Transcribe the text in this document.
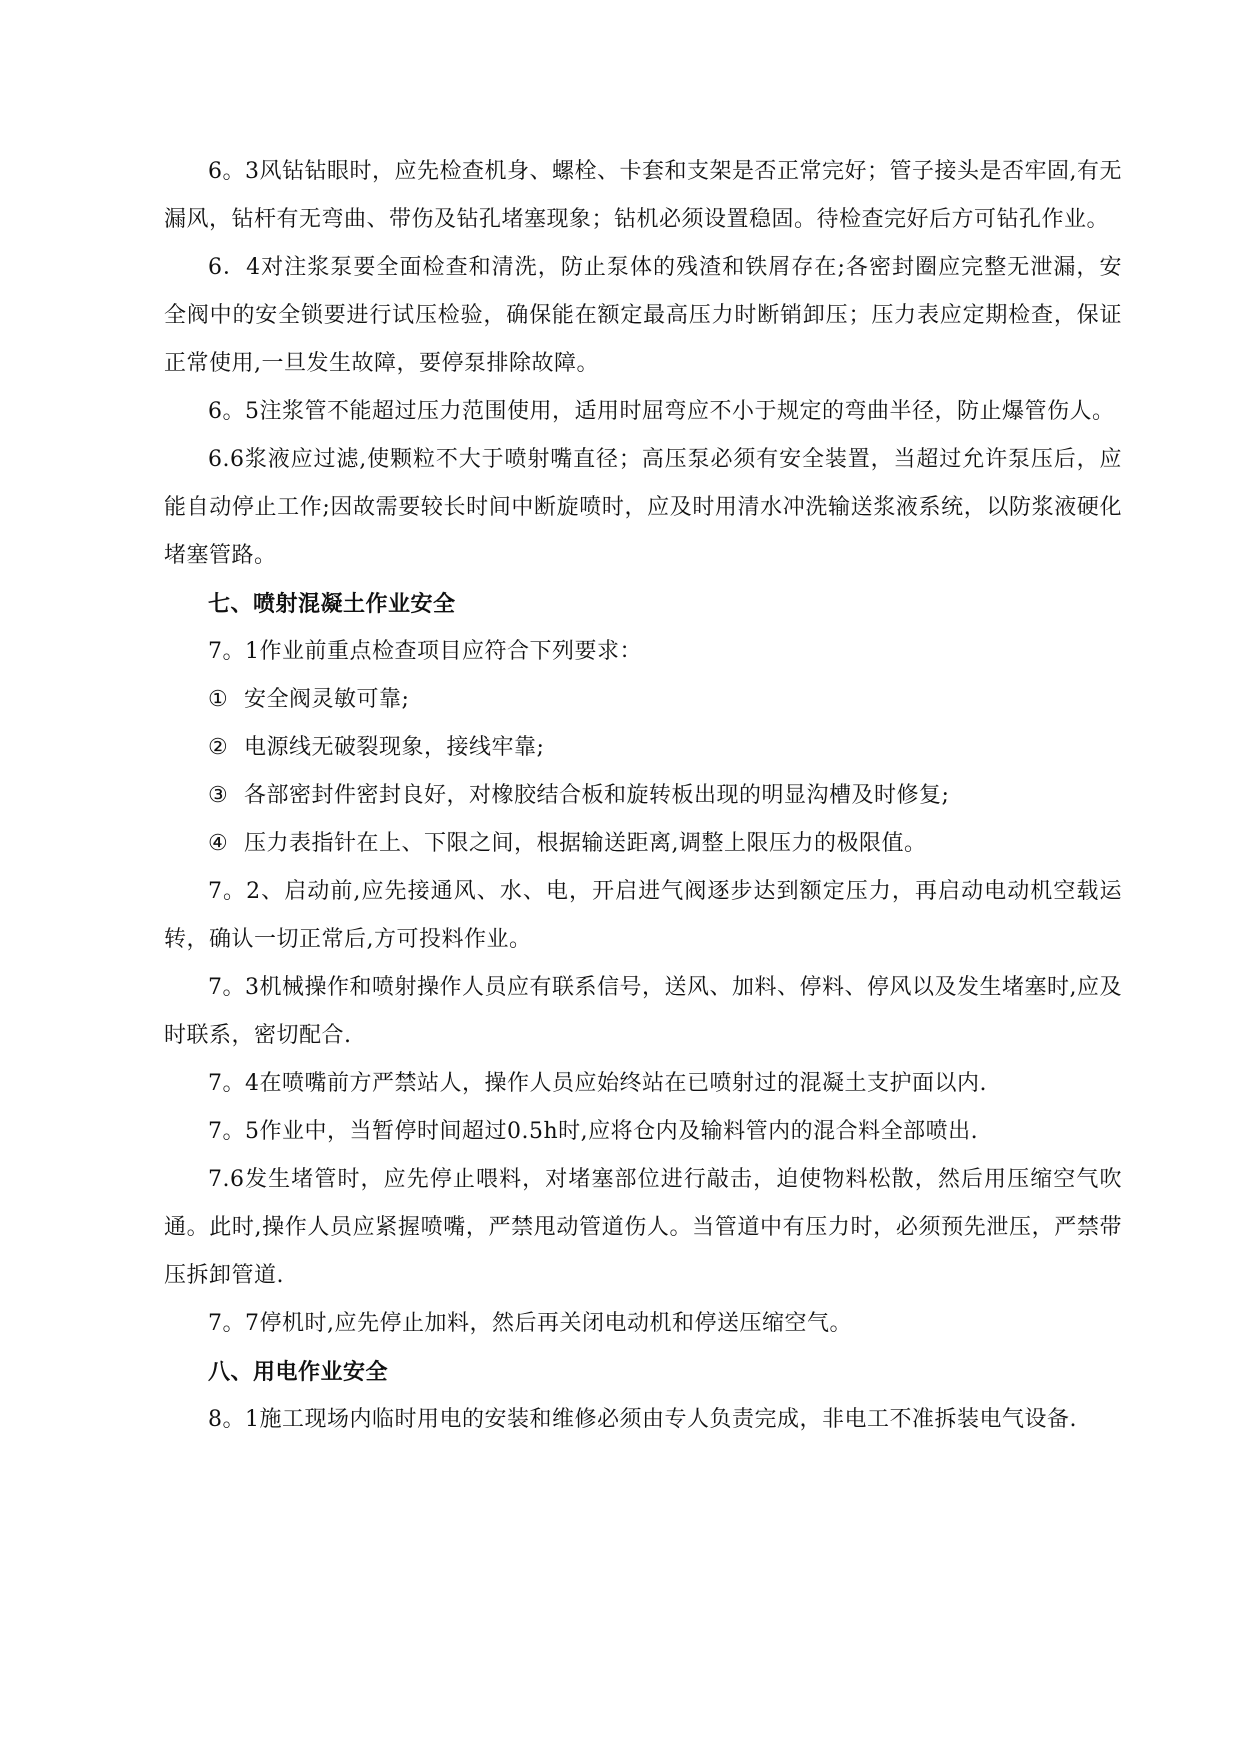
6。3风钻钻眼时，应先检查机身、螺栓、卡套和支架是否正常完好；管子接头是否牢固,有无漏风，钻杆有无弯曲、带伤及钻孔堵塞现象；钻机必须设置稳固。待检查完好后方可钻孔作业。

6．4对注浆泵要全面检查和清洗，防止泵体的残渣和铁屑存在;各密封圈应完整无泄漏，安全阀中的安全锁要进行试压检验，确保能在额定最高压力时断销卸压；压力表应定期检查，保证正常使用,一旦发生故障，要停泵排除故障。

6。5注浆管不能超过压力范围使用，适用时屈弯应不小于规定的弯曲半径，防止爆管伤人。

6.6浆液应过滤,使颗粒不大于喷射嘴直径；高压泵必须有安全装置，当超过允许泵压后，应能自动停止工作;因故需要较长时间中断旋喷时，应及时用清水冲洗输送浆液系统，以防浆液硬化堵塞管路。

七、喷射混凝土作业安全

7。1作业前重点检查项目应符合下列要求：

① 安全阀灵敏可靠;

② 电源线无破裂现象，接线牢靠;

③ 各部密封件密封良好，对橡胶结合板和旋转板出现的明显沟槽及时修复;

④ 压力表指针在上、下限之间，根据输送距离,调整上限压力的极限值。

7。2、启动前,应先接通风、水、电，开启进气阀逐步达到额定压力，再启动电动机空载运转，确认一切正常后,方可投料作业。

7。3机械操作和喷射操作人员应有联系信号，送风、加料、停料、停风以及发生堵塞时,应及时联系，密切配合.

7。4在喷嘴前方严禁站人，操作人员应始终站在已喷射过的混凝土支护面以内.

7。5作业中，当暂停时间超过0.5h时,应将仓内及输料管内的混合料全部喷出.

7.6发生堵管时，应先停止喂料，对堵塞部位进行敲击，迫使物料松散，然后用压缩空气吹通。此时,操作人员应紧握喷嘴，严禁甩动管道伤人。当管道中有压力时，必须预先泄压，严禁带压拆卸管道.

7。7停机时,应先停止加料，然后再关闭电动机和停送压缩空气。

八、用电作业安全

8。1施工现场内临时用电的安装和维修必须由专人负责完成，非电工不准拆装电气设备.
